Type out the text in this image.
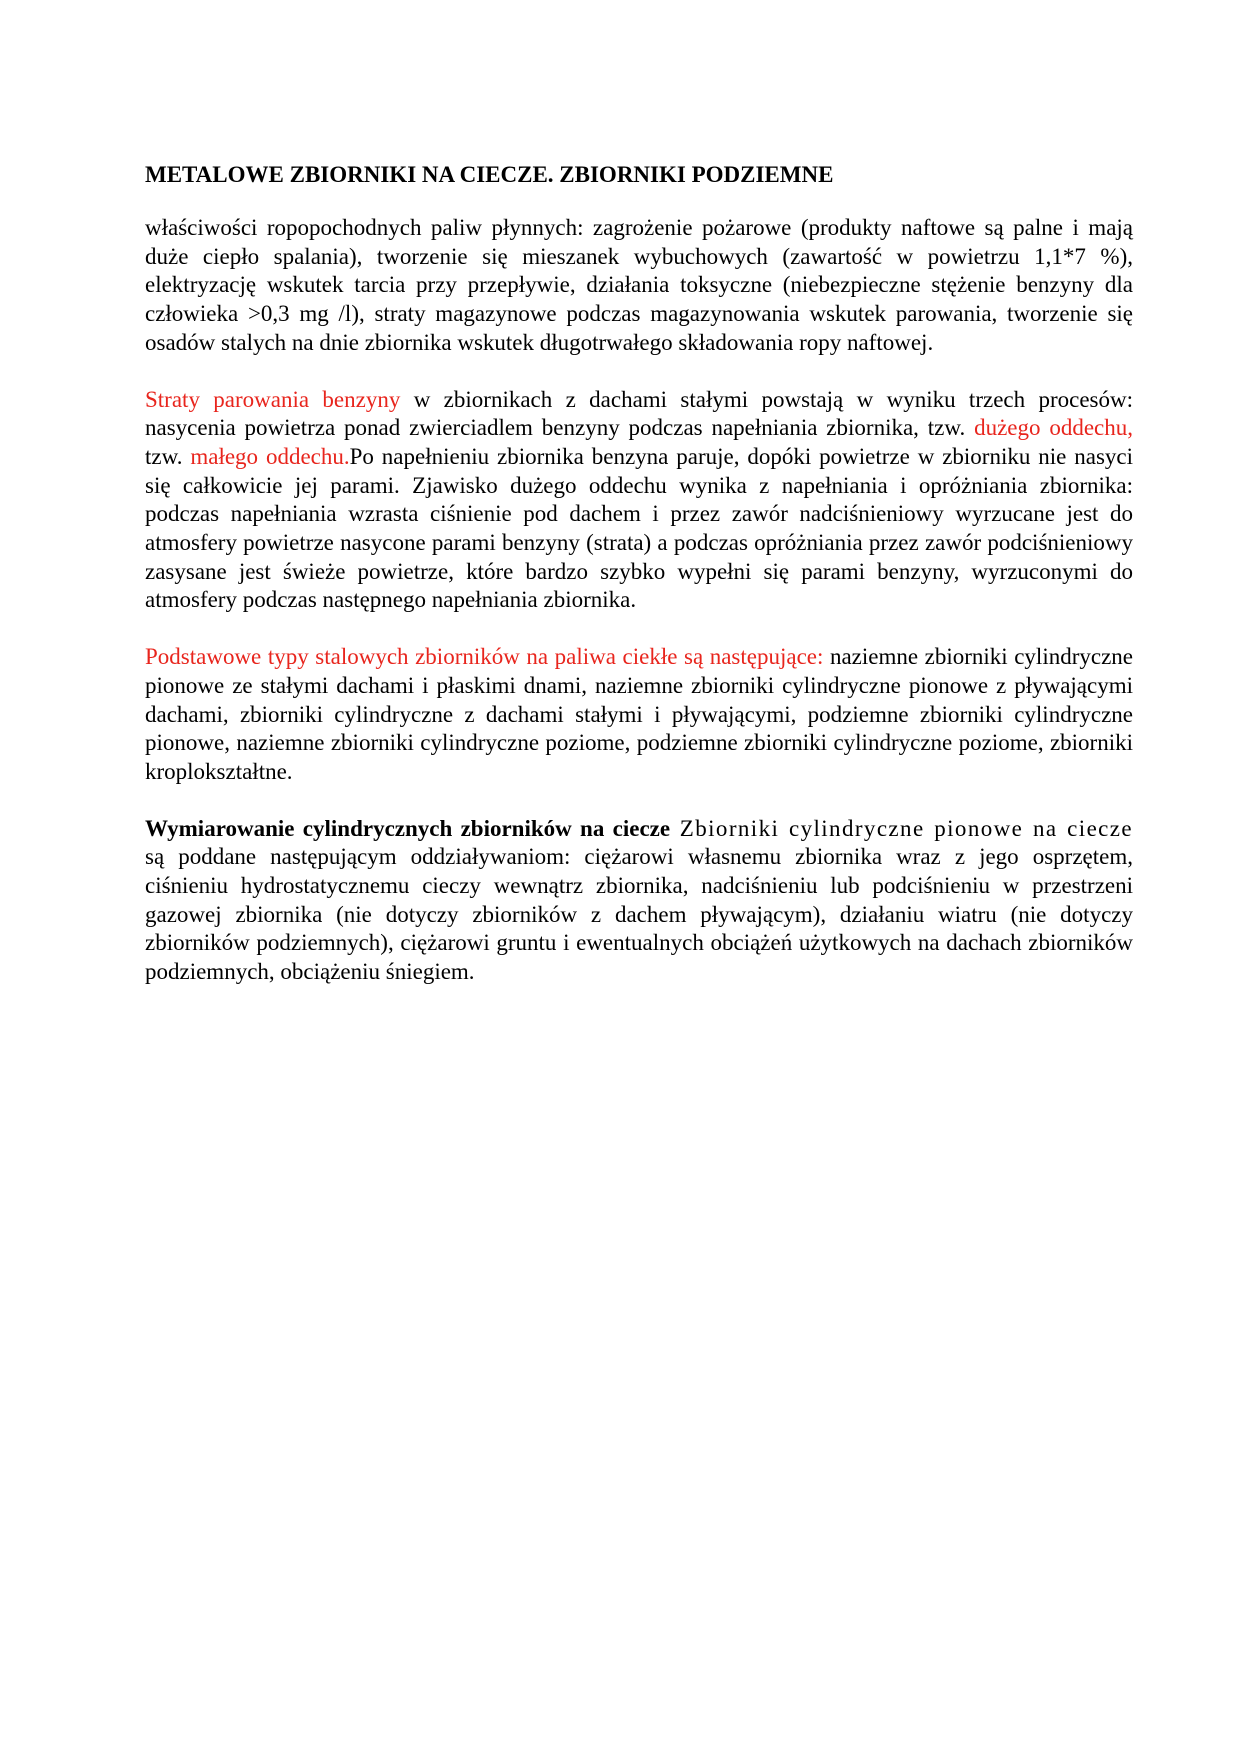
METALOWE ZBIORNIKI NA CIECZE. ZBIORNIKI PODZIEMNE

właściwości ropopochodnych paliw płynnych: zagrożenie pożarowe (produkty naftowe są palne i mają duże ciepło spalania), tworzenie się mieszanek wybuchowych (zawartość w powietrzu 1,1*7 %), elektryzację wskutek tarcia przy przepływie, działania toksyczne (niebezpieczne stężenie benzyny dla człowieka >0,3 mg /l), straty magazynowe podczas magazynowania wskutek parowania, tworzenie się osadów stalych na dnie zbiornika wskutek długotrwałego składowania ropy naftowej.

Straty parowania benzyny w zbiornikach z dachami stałymi powstają w wyniku trzech procesów: nasycenia powietrza ponad zwierciadlem benzyny podczas napełniania zbiornika, tzw. dużego oddechu, tzw. małego oddechu.Po napełnieniu zbiornika benzyna paruje, dopóki powietrze w zbiorniku nie nasyci się całkowicie jej parami. Zjawisko dużego oddechu wynika z napełniania i opróżniania zbiornika: podczas napełniania wzrasta ciśnienie pod dachem i przez zawór nadciśnieniowy wyrzucane jest do atmosfery powietrze nasycone parami benzyny (strata) a podczas opróżniania przez zawór podciśnieniowy zasysane jest świeże powietrze, które bardzo szybko wypełni się parami benzyny, wyrzuconymi do atmosfery podczas następnego napełniania zbiornika.

Podstawowe typy stalowych zbiorników na paliwa ciekłe są następujące: naziemne zbiorniki cylindryczne pionowe ze stałymi dachami i płaskimi dnami, naziemne zbiorniki cylindryczne pionowe z pływającymi dachami, zbiorniki cylindryczne z dachami stałymi i pływającymi, podziemne zbiorniki cylindryczne pionowe, naziemne zbiorniki cylindryczne poziome, podziemne zbiorniki cylindryczne poziome, zbiorniki kroplokształtne.

Wymiarowanie cylindrycznych zbiorników na ciecze Zbiorniki cylindryczne pionowe na ciecze są poddane następującym oddziaływaniom: ciężarowi własnemu zbiornika wraz z jego osprzętem, ciśnieniu hydrostatycznemu cieczy wewnątrz zbiornika, nadciśnieniu lub podciśnieniu w przestrzeni gazowej zbiornika (nie dotyczy zbiorników z dachem pływającym), działaniu wiatru (nie dotyczy zbiorników podziemnych), ciężarowi gruntu i ewentualnych obciążeń użytkowych na dachach zbiorników podziemnych, obciążeniu śniegiem.
